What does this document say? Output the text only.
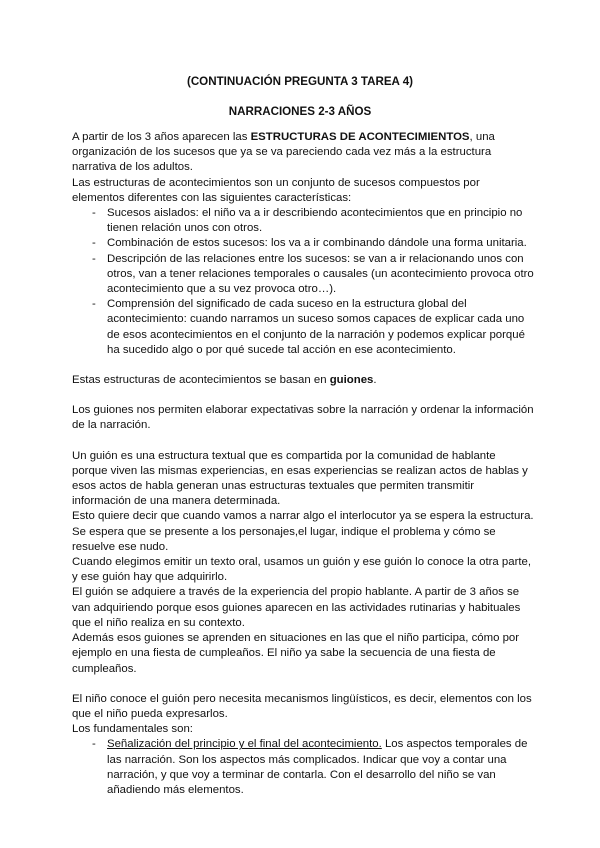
(CONTINUACIÓN PREGUNTA 3 TAREA 4)
NARRACIONES 2-3 AÑOS

A partir de los 3 años aparecen las ESTRUCTURAS DE ACONTECIMIENTOS, una organización de los sucesos que ya se va pareciendo cada vez más a la estructura narrativa de los adultos.

Las estructuras de acontecimientos son un conjunto de sucesos compuestos por elementos diferentes con las siguientes características:

- Sucesos aislados: el niño va a ir describiendo acontecimientos que en principio no tienen relación unos con otros.
- Combinación de estos sucesos: los va a ir combinando dándole una forma unitaria.
- Descripción de las relaciones entre los sucesos: se van a ir relacionando unos con otros, van a tener relaciones temporales o causales (un acontecimiento provoca otro acontecimiento que a su vez provoca otro…).
- Comprensión del significado de cada suceso en la estructura global del acontecimiento: cuando narramos un suceso somos capaces de explicar cada uno de esos acontecimientos en el conjunto de la narración y podemos explicar porqué ha sucedido algo o por qué sucede tal acción en ese acontecimiento.

Estas estructuras de acontecimientos se basan en guiones.

Los guiones nos permiten elaborar expectativas sobre la narración y ordenar la información de la narración.

Un guión es una estructura textual que es compartida por la comunidad de hablante porque viven las mismas experiencias, en esas experiencias se realizan actos de hablas y esos actos de habla generan unas estructuras textuales que permiten transmitir información de una manera determinada.

Esto quiere decir que cuando vamos a narrar algo el interlocutor ya se espera la estructura. Se espera que se presente a los personajes,el lugar, indique el problema y cómo se resuelve ese nudo.

Cuando elegimos emitir un texto oral, usamos un guión y ese guión lo conoce la otra parte, y ese guión hay que adquirirlo.

El guión se adquiere a través de la experiencia del propio hablante. A partir de 3 años se van adquiriendo porque esos guiones aparecen en las actividades rutinarias y habituales que el niño realiza en su contexto.

Además esos guiones se aprenden en situaciones en las que el niño participa, cómo por ejemplo en una fiesta de cumpleaños. El niño ya sabe la secuencia de una fiesta de cumpleaños.

El niño conoce el guión pero necesita mecanismos lingüísticos, es decir, elementos con los que el niño pueda expresarlos.

Los fundamentales son:

- Señalización del principio y el final del acontecimiento. Los aspectos temporales de las narración. Son los aspectos más complicados. Indicar que voy a contar una narración, y que voy a terminar de contarla. Con el desarrollo del niño se van añadiendo más elementos.
